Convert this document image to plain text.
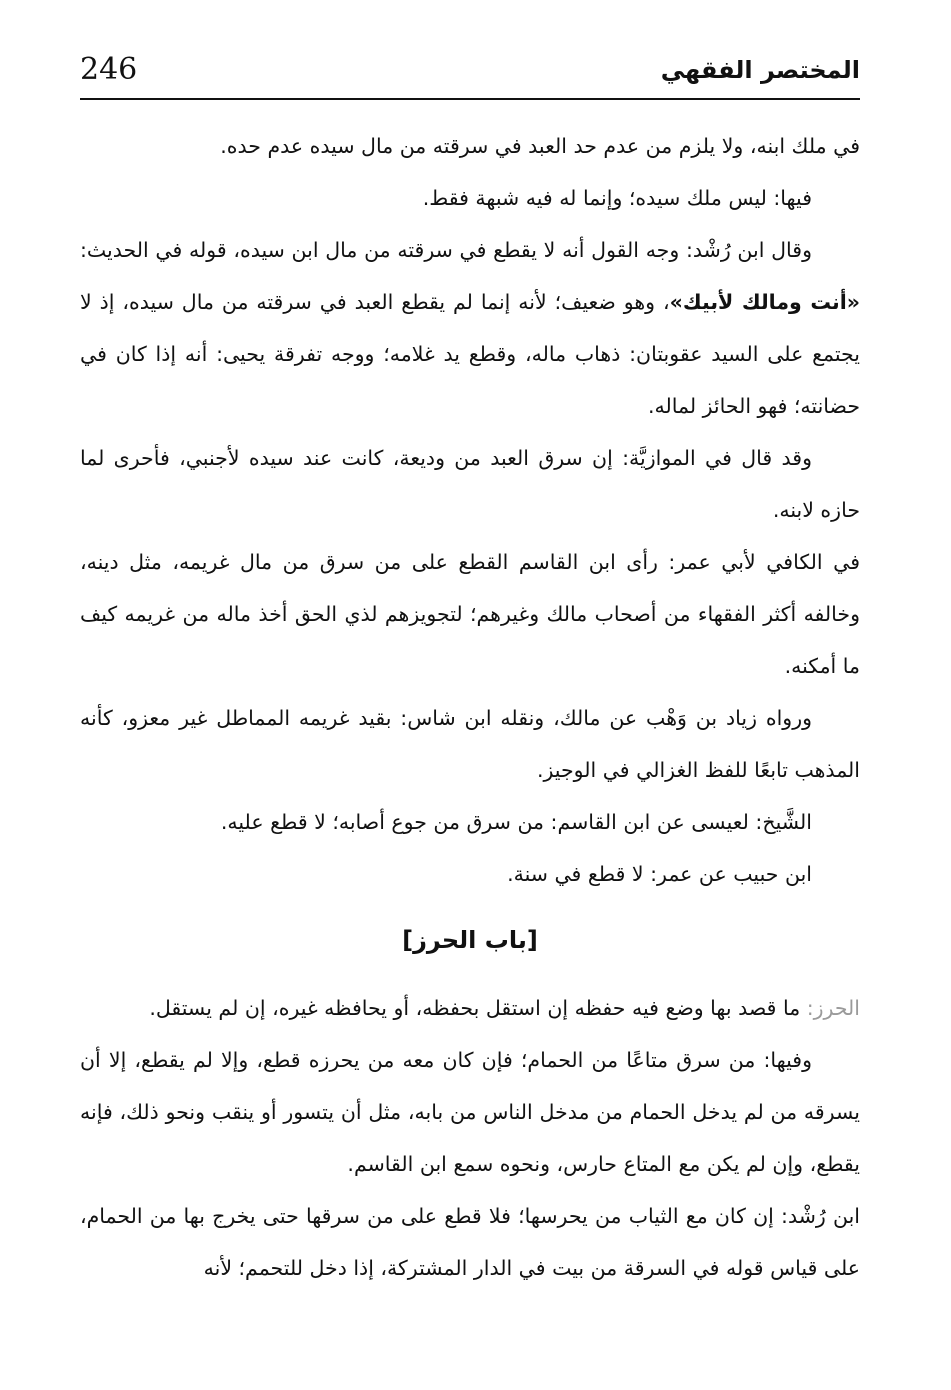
246	المختصر الفقهي

في ملك ابنه، ولا يلزم من عدم حد العبد في سرقته من مال سيده عدم حده.

فيها: ليس ملك سيده؛ وإنما له فيه شبهة فقط.

وقال ابن رُشْد: وجه القول أنه لا يقطع في سرقته من مال ابن سيده، قوله في الحديث: «أنت ومالك لأبيك»، وهو ضعيف؛ لأنه إنما لم يقطع العبد في سرقته من مال سيده، إذ لا يجتمع على السيد عقوبتان: ذهاب ماله، وقطع يد غلامه؛ ووجه تفرقة يحيى: أنه إذا كان في حضانته؛ فهو الحائز لماله.

وقد قال في الموازيَّة: إن سرق العبد من وديعة، كانت عند سيده لأجنبي، فأحرى لما حازه لابنه.

في الكافي لأبي عمر: رأى ابن القاسم القطع على من سرق من مال غريمه، مثل دينه، وخالفه أكثر الفقهاء من أصحاب مالك وغيرهم؛ لتجويزهم لذي الحق أخذ ماله من غريمه كيف ما أمكنه.

ورواه زياد بن وَهْب عن مالك، ونقله ابن شاس: بقيد غريمه المماطل غير معزو، كأنه المذهب تابعًا للفظ الغزالي في الوجيز.

الشَّيخ: لعيسى عن ابن القاسم: من سرق من جوع أصابه؛ لا قطع عليه.

ابن حبيب عن عمر: لا قطع في سنة.

[باب الحرز]

الحرز: ما قصد بها وضع فيه حفظه إن استقل بحفظه، أو يحافظه غيره، إن لم يستقل.

وفيها: من سرق متاعًا من الحمام؛ فإن كان معه من يحرزه قطع، وإلا لم يقطع، إلا أن يسرقه من لم يدخل الحمام من مدخل الناس من بابه، مثل أن يتسور أو ينقب ونحو ذلك، فإنه يقطع، وإن لم يكن مع المتاع حارس، ونحوه سمع ابن القاسم.

ابن رُشْد: إن كان مع الثياب من يحرسها؛ فلا قطع على من سرقها حتى يخرج بها من الحمام، على قياس قوله في السرقة من بيت في الدار المشتركة، إذا دخل للتحمم؛ لأنه
